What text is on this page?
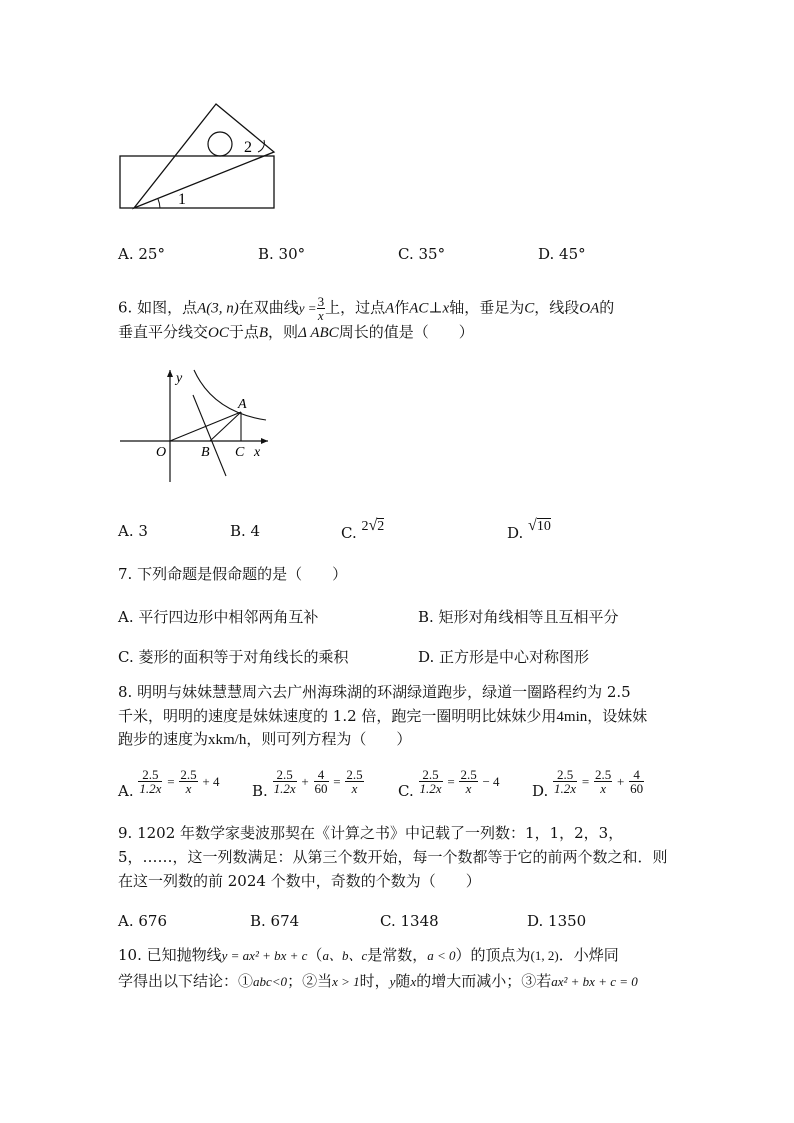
2
1
A. 25°	B. 30°	C. 35°	D. 45°
6. 如图，点A(3, n)在双曲线$y = \frac{3}{x}$ 上，过点A作AC⊥x轴，垂足为C，线段OA的
垂直平分线交OC于点B，则Δ ABC周长的值是（　　）
y
A
O B C x
A. 3	B. 4	C. 2√2	D. √10
7. 下列命题是假命题的是（　　）
A. 平行四边形中相邻两角互补	B. 矩形对角线相等且互相平分
C. 菱形的面积等于对角线长的乘积	D. 正方形是中心对称图形
8. 明明与妹妹慧慧周六去广州海珠湖的环湖绿道跑步，绿道一圈路程约为 2.5
千米，明明的速度是妹妹速度的 1.2 倍，跑完一圈明明比妹妹少用4min，设妹妹
跑步的速度为xkm/h，则可列方程为（　　）
A. $\frac{2.5}{1.2x} = \frac{2.5}{x} + 4$ B. $\frac{2.5}{1.2x} + \frac{4}{60} = \frac{2.5}{x} C$. $\frac{2.5}{1.2x} = \frac{2.5}{x} - 4$ D. $\frac{2.5}{1.2x} = \frac{2.5}{x} + \frac{4}{60}$
9. 1202 年数学家斐波那契在《计算之书》中记载了一列数：1，1，2，3，
5，……，这一列数满足：从第三个数开始，每一个数都等于它的前两个数之和．则
在这一列数的前 2024 个数中，奇数的个数为（　　）
A. 676	B. 674	C. 1348	D. 1350
10. 已知抛物线y = ax² + bx + c（a、b、c是常数，a < 0）的顶点为(1, 2)．小烨同
学得出以下结论：①abc<0；②当x > 1时，y随x的增大而减小；③若ax² + bx + c = 0
